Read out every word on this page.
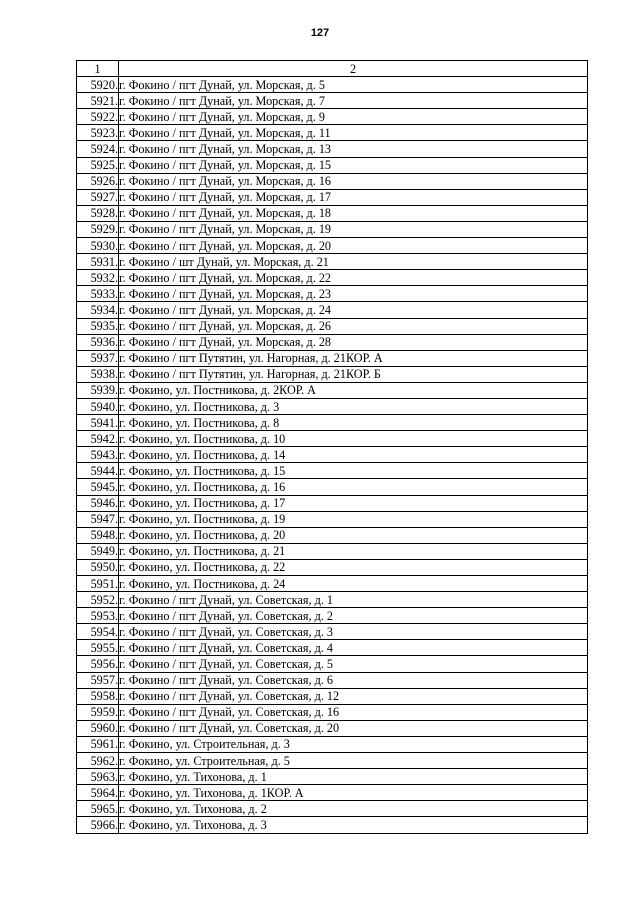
127
1	2
5920.	г. Фокино / пгт Дунай, ул. Морская, д. 5
5921.	г. Фокино / пгт Дунай, ул. Морская, д. 7
5922.	г. Фокино / пгт Дунай, ул. Морская, д. 9
5923.	г. Фокино / пгт Дунай, ул. Морская, д. 11
5924.	г. Фокино / пгт Дунай, ул. Морская, д. 13
5925.	г. Фокино / пгт Дунай, ул. Морская, д. 15
5926.	г. Фокино / пгт Дунай, ул. Морская, д. 16
5927.	г. Фокино / пгт Дунай, ул. Морская, д. 17
5928.	г. Фокино / пгт Дунай, ул. Морская, д. 18
5929.	г. Фокино / пгт Дунай, ул. Морская, д. 19
5930.	г. Фокино / пгт Дунай, ул. Морская, д. 20
5931.	г. Фокино / шт Дунай, ул. Морская, д. 21
5932.	г. Фокино / пгт Дунай, ул. Морская, д. 22
5933.	г. Фокино / пгт Дунай, ул. Морская, д. 23
5934.	г. Фокино / пгт Дунай, ул. Морская, д. 24
5935.	г. Фокино / пгт Дунай, ул. Морская, д. 26
5936.	г. Фокино / пгт Дунай, ул. Морская, д. 28
5937.	г. Фокино / пгт Путятин, ул. Нагорная, д. 21КОР. А
5938.	г. Фокино / пгт Путятин, ул. Нагорная, д. 21КОР. Б
5939.	г. Фокино, ул. Постникова, д. 2КОР. А
5940.	г. Фокино, ул. Постникова, д. 3
5941.	г. Фокино, ул. Постникова, д. 8
5942.	г. Фокино, ул. Постникова, д. 10
5943.	г. Фокино, ул. Постникова, д. 14
5944.	г. Фокино, ул. Постникова, д. 15
5945.	г. Фокино, ул. Постникова, д. 16
5946.	г. Фокино, ул. Постникова, д. 17
5947.	г. Фокино, ул. Постникова, д. 19
5948.	г. Фокино, ул. Постникова, д. 20
5949.	г. Фокино, ул. Постникова, д. 21
5950.	г. Фокино, ул. Постникова, д. 22
5951.	г. Фокино, ул. Постникова, д. 24
5952.	г. Фокино / пгт Дунай, ул. Советская, д. 1
5953.	г. Фокино / пгт Дунай, ул. Советская, д. 2
5954.	г. Фокино / пгт Дунай, ул. Советская, д. 3
5955.	г. Фокино / пгт Дунай, ул. Советская, д. 4
5956.	г. Фокино / пгт Дунай, ул. Советская, д. 5
5957.	г. Фокино / пгт Дунай, ул. Советская, д. 6
5958.	г. Фокино / пгт Дунай, ул. Советская, д. 12
5959.	г. Фокино / пгт Дунай, ул. Советская, д. 16
5960.	г. Фокино / пгт Дунай, ул. Советская, д. 20
5961.	г. Фокино, ул. Строительная, д. 3
5962.	г. Фокино, ул. Строительная, д. 5
5963.	г. Фокино, ул. Тихонова, д. 1
5964.	г. Фокино, ул. Тихонова, д. 1КОР. А
5965.	г. Фокино, ул. Тихонова, д. 2
5966.	г. Фокино, ул. Тихонова, д. 3
